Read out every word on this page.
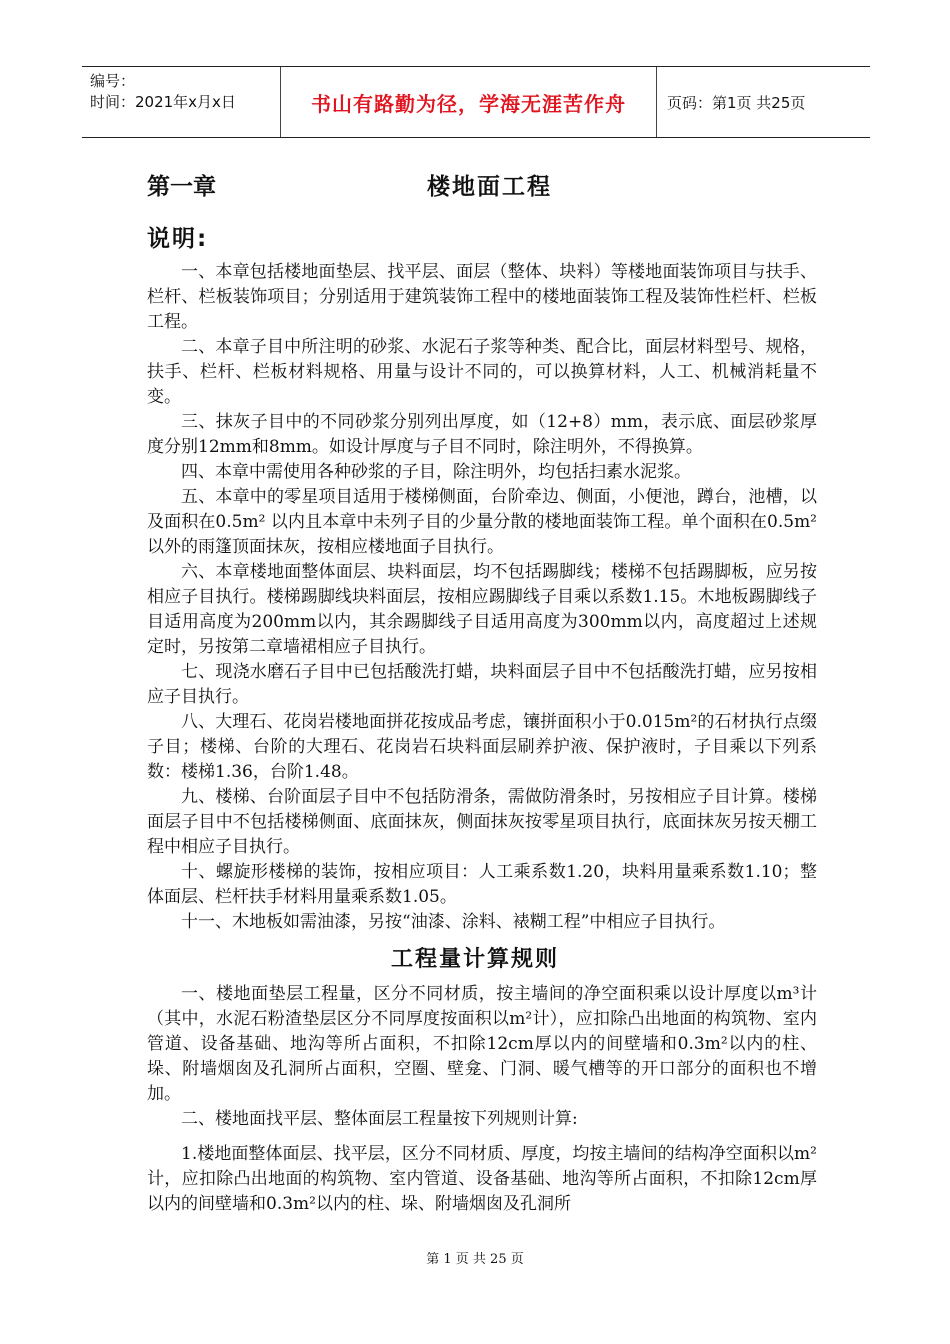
编号：
时间：2021年x月x日	书山有路勤为径，学海无涯苦作舟	页码：第1页 共25页
第一章	楼地面工程
说明:

一、本章包括楼地面垫层、找平层、面层（整体、块料）等楼地面装饰项目与扶手、栏杆、栏板装饰项目；分别适用于建筑装饰工程中的楼地面装饰工程及装饰性栏杆、栏板工程。

二、本章子目中所注明的砂浆、水泥石子浆等种类、配合比，面层材料型号、规格，扶手、栏杆、栏板材料规格、用量与设计不同的，可以换算材料，人工、机械消耗量不变。

三、抹灰子目中的不同砂浆分别列出厚度，如（12+8）mm，表示底、面层砂浆厚度分别12mm和8mm。如设计厚度与子目不同时，除注明外，不得换算。

四、本章中需使用各种砂浆的子目，除注明外，均包括扫素水泥浆。

五、本章中的零星项目适用于楼梯侧面，台阶牵边、侧面，小便池，蹲台，池槽，以及面积在0.5m² 以内且本章中未列子目的少量分散的楼地面装饰工程。单个面积在0.5m² 以外的雨篷顶面抹灰，按相应楼地面子目执行。

六、本章楼地面整体面层、块料面层，均不包括踢脚线；楼梯不包括踢脚板，应另按相应子目执行。楼梯踢脚线块料面层，按相应踢脚线子目乘以系数1.15。木地板踢脚线子目适用高度为200mm以内，其余踢脚线子目适用高度为300mm以内，高度超过上述规定时，另按第二章墙裙相应子目执行。

七、现浇水磨石子目中已包括酸洗打蜡，块料面层子目中不包括酸洗打蜡，应另按相应子目执行。

八、大理石、花岗岩楼地面拼花按成品考虑，镶拼面积小于0.015m²的石材执行点缀子目；楼梯、台阶的大理石、花岗岩石块料面层刷养护液、保护液时，子目乘以下列系数：楼梯1.36，台阶1.48。

九、楼梯、台阶面层子目中不包括防滑条，需做防滑条时，另按相应子目计算。楼梯面层子目中不包括楼梯侧面、底面抹灰，侧面抹灰按零星项目执行，底面抹灰另按天棚工程中相应子目执行。

十、螺旋形楼梯的装饰，按相应项目：人工乘系数1.20，块料用量乘系数1.10；整体面层、栏杆扶手材料用量乘系数1.05。

十一、木地板如需油漆，另按“油漆、涂料、裱糊工程”中相应子目执行。

工程量计算规则

一、楼地面垫层工程量，区分不同材质，按主墙间的净空面积乘以设计厚度以m³计（其中，水泥石粉渣垫层区分不同厚度按面积以m²计），应扣除凸出地面的构筑物、室内管道、设备基础、地沟等所占面积，不扣除12cm厚以内的间壁墙和0.3m²以内的柱、垛、附墙烟囱及孔洞所占面积，空圈、壁龛、门洞、暖气槽等的开口部分的面积也不增加。

二、楼地面找平层、整体面层工程量按下列规则计算:

1.楼地面整体面层、找平层，区分不同材质、厚度，均按主墙间的结构净空面积以m²计，应扣除凸出地面的构筑物、室内管道、设备基础、地沟等所占面积，不扣除12cm厚以内的间壁墙和0.3m²以内的柱、垛、附墙烟囱及孔洞所

第 1 页 共 25 页
